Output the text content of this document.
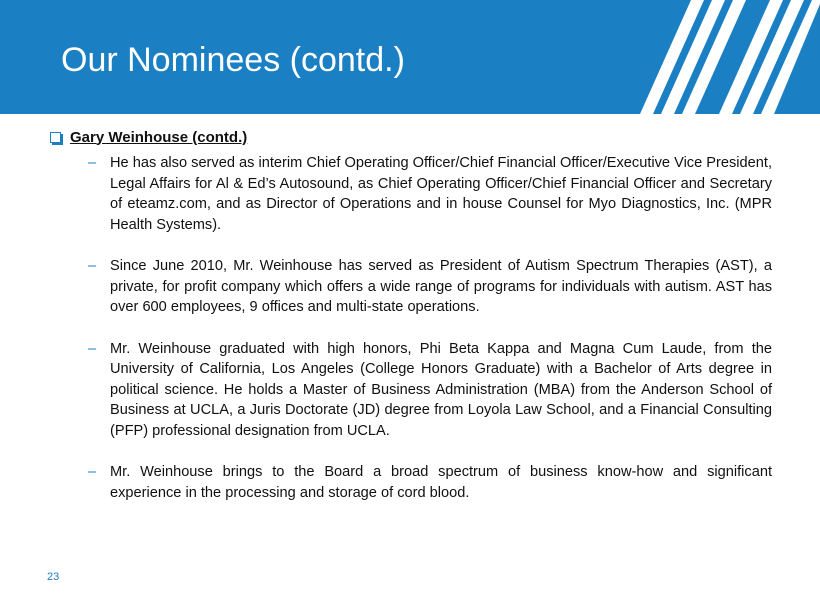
Our Nominees (contd.)
Gary Weinhouse (contd.)
– He has also served as interim Chief Operating Officer/Chief Financial Officer/Executive Vice President, Legal Affairs for Al & Ed’s Autosound, as Chief Operating Officer/Chief Financial Officer and Secretary of eteamz.com, and as Director of Operations and in house Counsel for Myo Diagnostics, Inc. (MPR Health Systems).
– Since June 2010, Mr. Weinhouse has served as President of Autism Spectrum Therapies (AST), a private, for profit company which offers a wide range of programs for individuals with autism. AST has over 600 employees, 9 offices and multi-state operations.
– Mr. Weinhouse graduated with high honors, Phi Beta Kappa and Magna Cum Laude, from the University of California, Los Angeles (College Honors Graduate) with a Bachelor of Arts degree in political science. He holds a Master of Business Administration (MBA) from the Anderson School of Business at UCLA, a Juris Doctorate (JD) degree from Loyola Law School, and a Financial Consulting (PFP) professional designation from UCLA.
– Mr. Weinhouse brings to the Board a broad spectrum of business know-how and significant experience in the processing and storage of cord blood.
23
